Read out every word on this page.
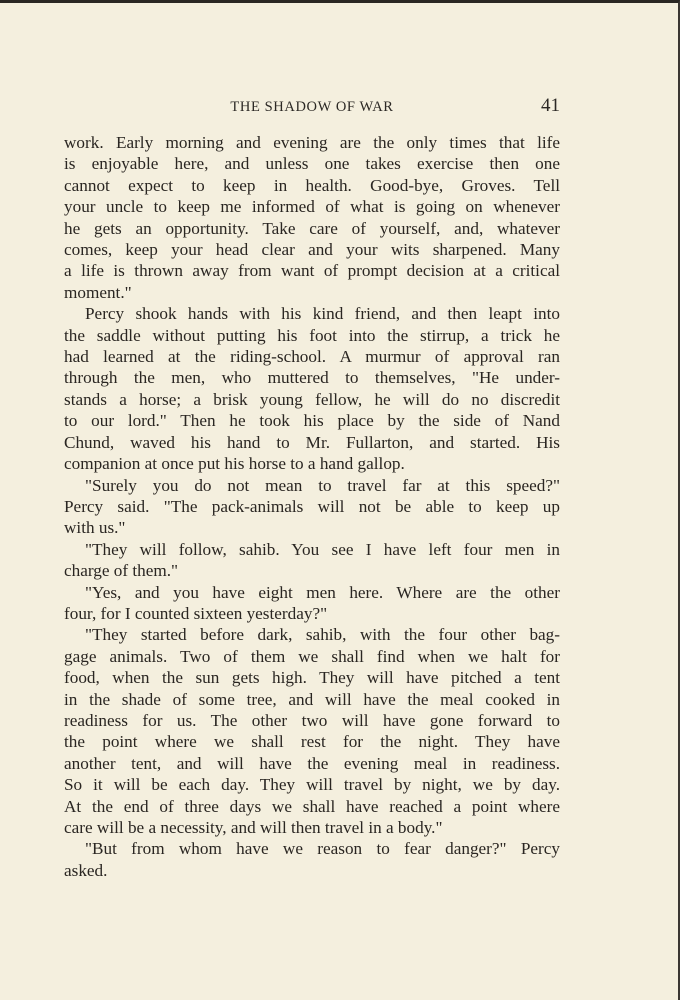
THE SHADOW OF WAR	41
work. Early morning and evening are the only times that life
is enjoyable here, and unless one takes exercise then one
cannot expect to keep in health. Good-bye, Groves. Tell
your uncle to keep me informed of what is going on whenever
he gets an opportunity. Take care of yourself, and, whatever
comes, keep your head clear and your wits sharpened. Many
a life is thrown away from want of prompt decision at a critical
moment."
Percy shook hands with his kind friend, and then leapt into
the saddle without putting his foot into the stirrup, a trick he
had learned at the riding-school. A murmur of approval ran
through the men, who muttered to themselves, "He under-
stands a horse; a brisk young fellow, he will do no discredit
to our lord." Then he took his place by the side of Nand
Chund, waved his hand to Mr. Fullarton, and started. His
companion at once put his horse to a hand gallop.
"Surely you do not mean to travel far at this speed?"
Percy said. "The pack-animals will not be able to keep up
with us."
"They will follow, sahib. You see I have left four men in
charge of them."
"Yes, and you have eight men here. Where are the other
four, for I counted sixteen yesterday?"
"They started before dark, sahib, with the four other bag-
gage animals. Two of them we shall find when we halt for
food, when the sun gets high. They will have pitched a tent
in the shade of some tree, and will have the meal cooked in
readiness for us. The other two will have gone forward to
the point where we shall rest for the night. They have
another tent, and will have the evening meal in readiness.
So it will be each day. They will travel by night, we by day.
At the end of three days we shall have reached a point where
care will be a necessity, and will then travel in a body."
"But from whom have we reason to fear danger?" Percy
asked.
